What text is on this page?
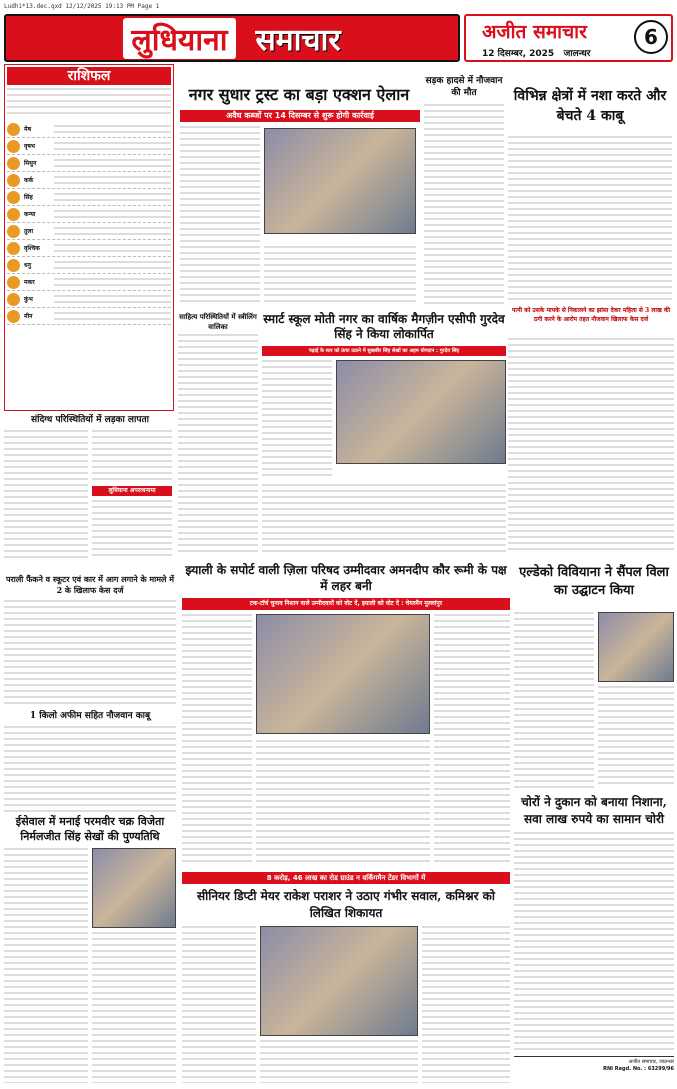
Ludhi*13.dec.qxd 12/12/2025 19:13 PM Page 1
लुधियाना समाचार	अजीत समाचार
12 दिसम्बर, 2025 जालन्धर
6
राशिफल
मेष
वृषभ
मिथुन
कर्क
सिंह
कन्या
तुला
वृश्चिक
धनु
मकर
कुंभ
मीन
नगर सुधार ट्रस्ट का बड़ा एक्शन ऐलान
अवैध कब्जों पर 14 दिसम्बर से शुरू होगी कार्रवाई

सड़क हादसे में नौजवान की मौत	विभिन्न क्षेत्रों में नशा करते और बेचते 4 काबू
संदिग्ध परिस्थितियों में लड़का लापता
लुधियाना अपराधनामा
साहित्य परिस्थितियों में स्त्रीलिंग वालिका
स्मार्ट स्कूल मोती नगर का वार्षिक मैगज़ीन एसीपी गुरदेव सिंह ने किया लोकार्पित
पढ़ाई के स्तर को ऊंचा उठाने में सुखबीर सिंह सेखों का अहम योगदान : गुरदेव सिंह
पत्नी को उसके मायके से निकालने का झांसा देकर महिला से 3 लाख की ठगी करने के आरोप तहत नौजवान खिलाफ केस दर्ज
झ्याली के सपोर्ट वाली ज़िला परिषद उम्मीदवार अमनदीप कौर रूमी के पक्ष में लहर बनी
टक-टॉर्च चुनाव निशान वाले उम्मीदवारों को वोट दें, झ्याली को वोट दें : चेयरमैन मुल्लांपुर
एल्डेको विवियाना ने सैंपल विला का उद्घाटन किया
पराली फैंकने व स्कूटर एवं कार में आग लगाने के मामले में 2 के खिलाफ केस दर्ज
1 किलो अफीम सहित नौजवान काबू
ईसेवाल में मनाई परमवीर चक्र विजेता निर्मलजीत सिंह सेखों की पुण्यतिथि
8 करोड़, 46 लाख का रोड ग्राउंड न वर्किंगमैन टेंडर विभागों में
सीनियर डिप्टी मेयर राकेश पराशर ने उठाए गंभीर सवाल, कमिश्नर को लिखित शिकायत
चोरों ने दुकान को बनाया निशाना, सवा लाख रुपये का सामान चोरी
अजीत समाचार, जालन्धर
RNI Regd. No. : 63299/96
